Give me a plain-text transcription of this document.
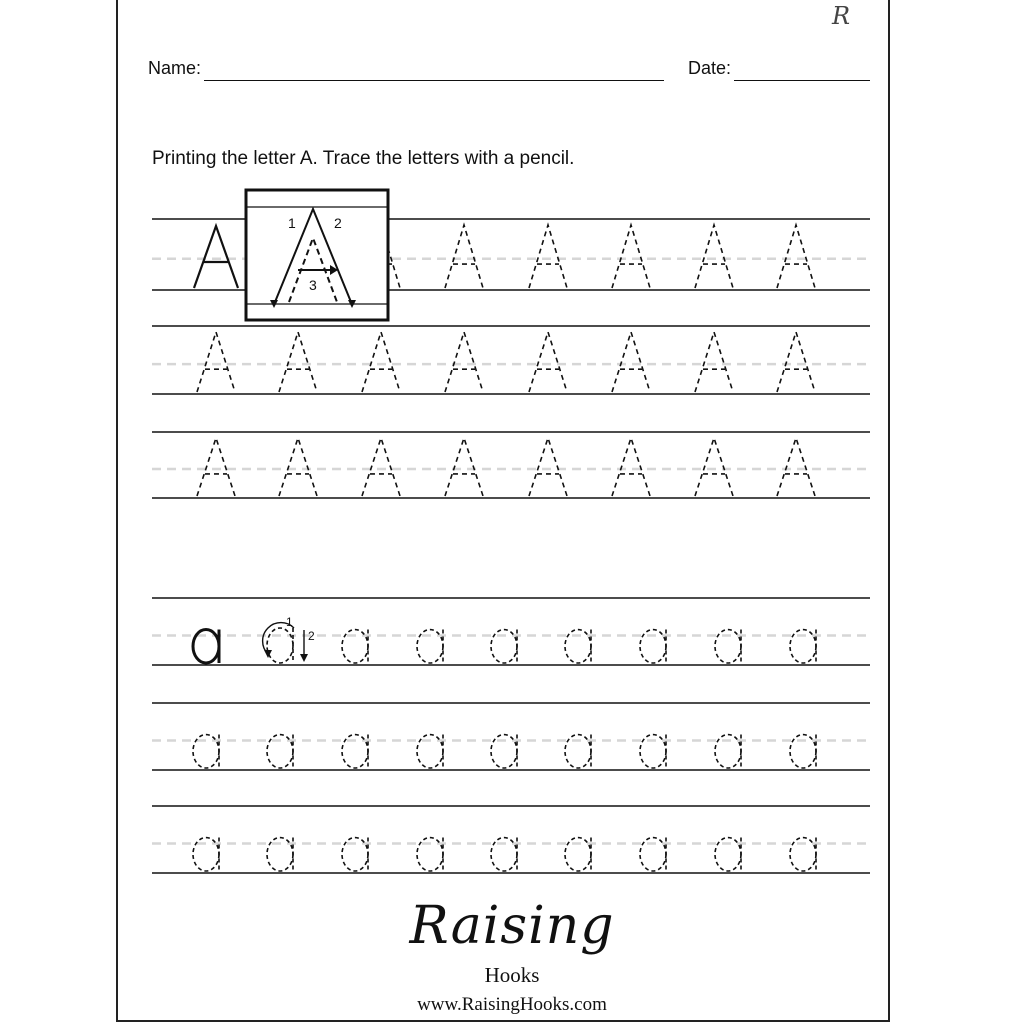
R
Name:	Date:
Printing the letter A. Trace the letters with a pencil.
1	2
3
1
2
Raising
Hooks
www.RaisingHooks.com
